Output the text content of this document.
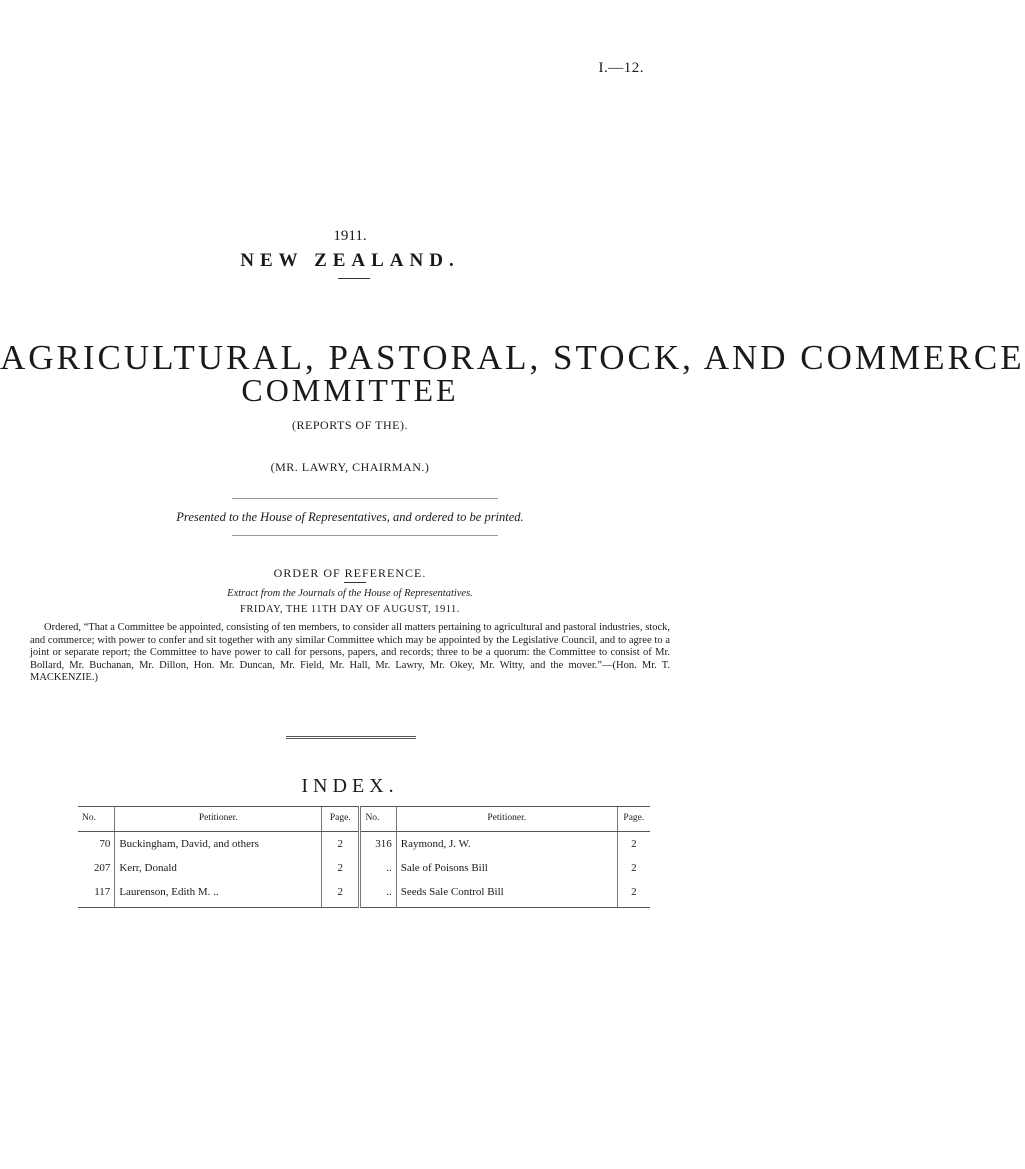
I.—12.
1911.
NEW ZEALAND.
AGRICULTURAL, PASTORAL, STOCK, AND COMMERCE
COMMITTEE
(REPORTS OF THE).
(MR. LAWRY, CHAIRMAN.)
Presented to the House of Representatives, and ordered to be printed.
ORDER OF REFERENCE.
Extract from the Journals of the House of Representatives.
FRIDAY, THE 11TH DAY OF AUGUST, 1911.
Ordered, “That a Committee be appointed, consisting of ten members, to consider all matters pertaining to agricultural and pastoral industries, stock, and commerce; with power to confer and sit together with any similar Committee which may be appointed by the Legislative Council, and to agree to a joint or separate report; the Committee to have power to call for persons, papers, and records; three to be a quorum: the Committee to consist of Mr. Bollard, Mr. Buchanan, Mr. Dillon, Hon. Mr. Duncan, Mr. Field, Mr. Hall, Mr. Lawry, Mr. Okey, Mr. Witty, and the mover.”—(Hon. Mr. T. MACKENZIE.)
INDEX.
No.	Petitioner.	Page.	No.	Petitioner.	Page.
70	Buckingham, David, and others	2	316	Raymond, J. W.	2
207	Kerr, Donald	2	..	Sale of Poisons Bill	2
117	Laurenson, Edith M. ..	2	..	Seeds Sale Control Bill	2
